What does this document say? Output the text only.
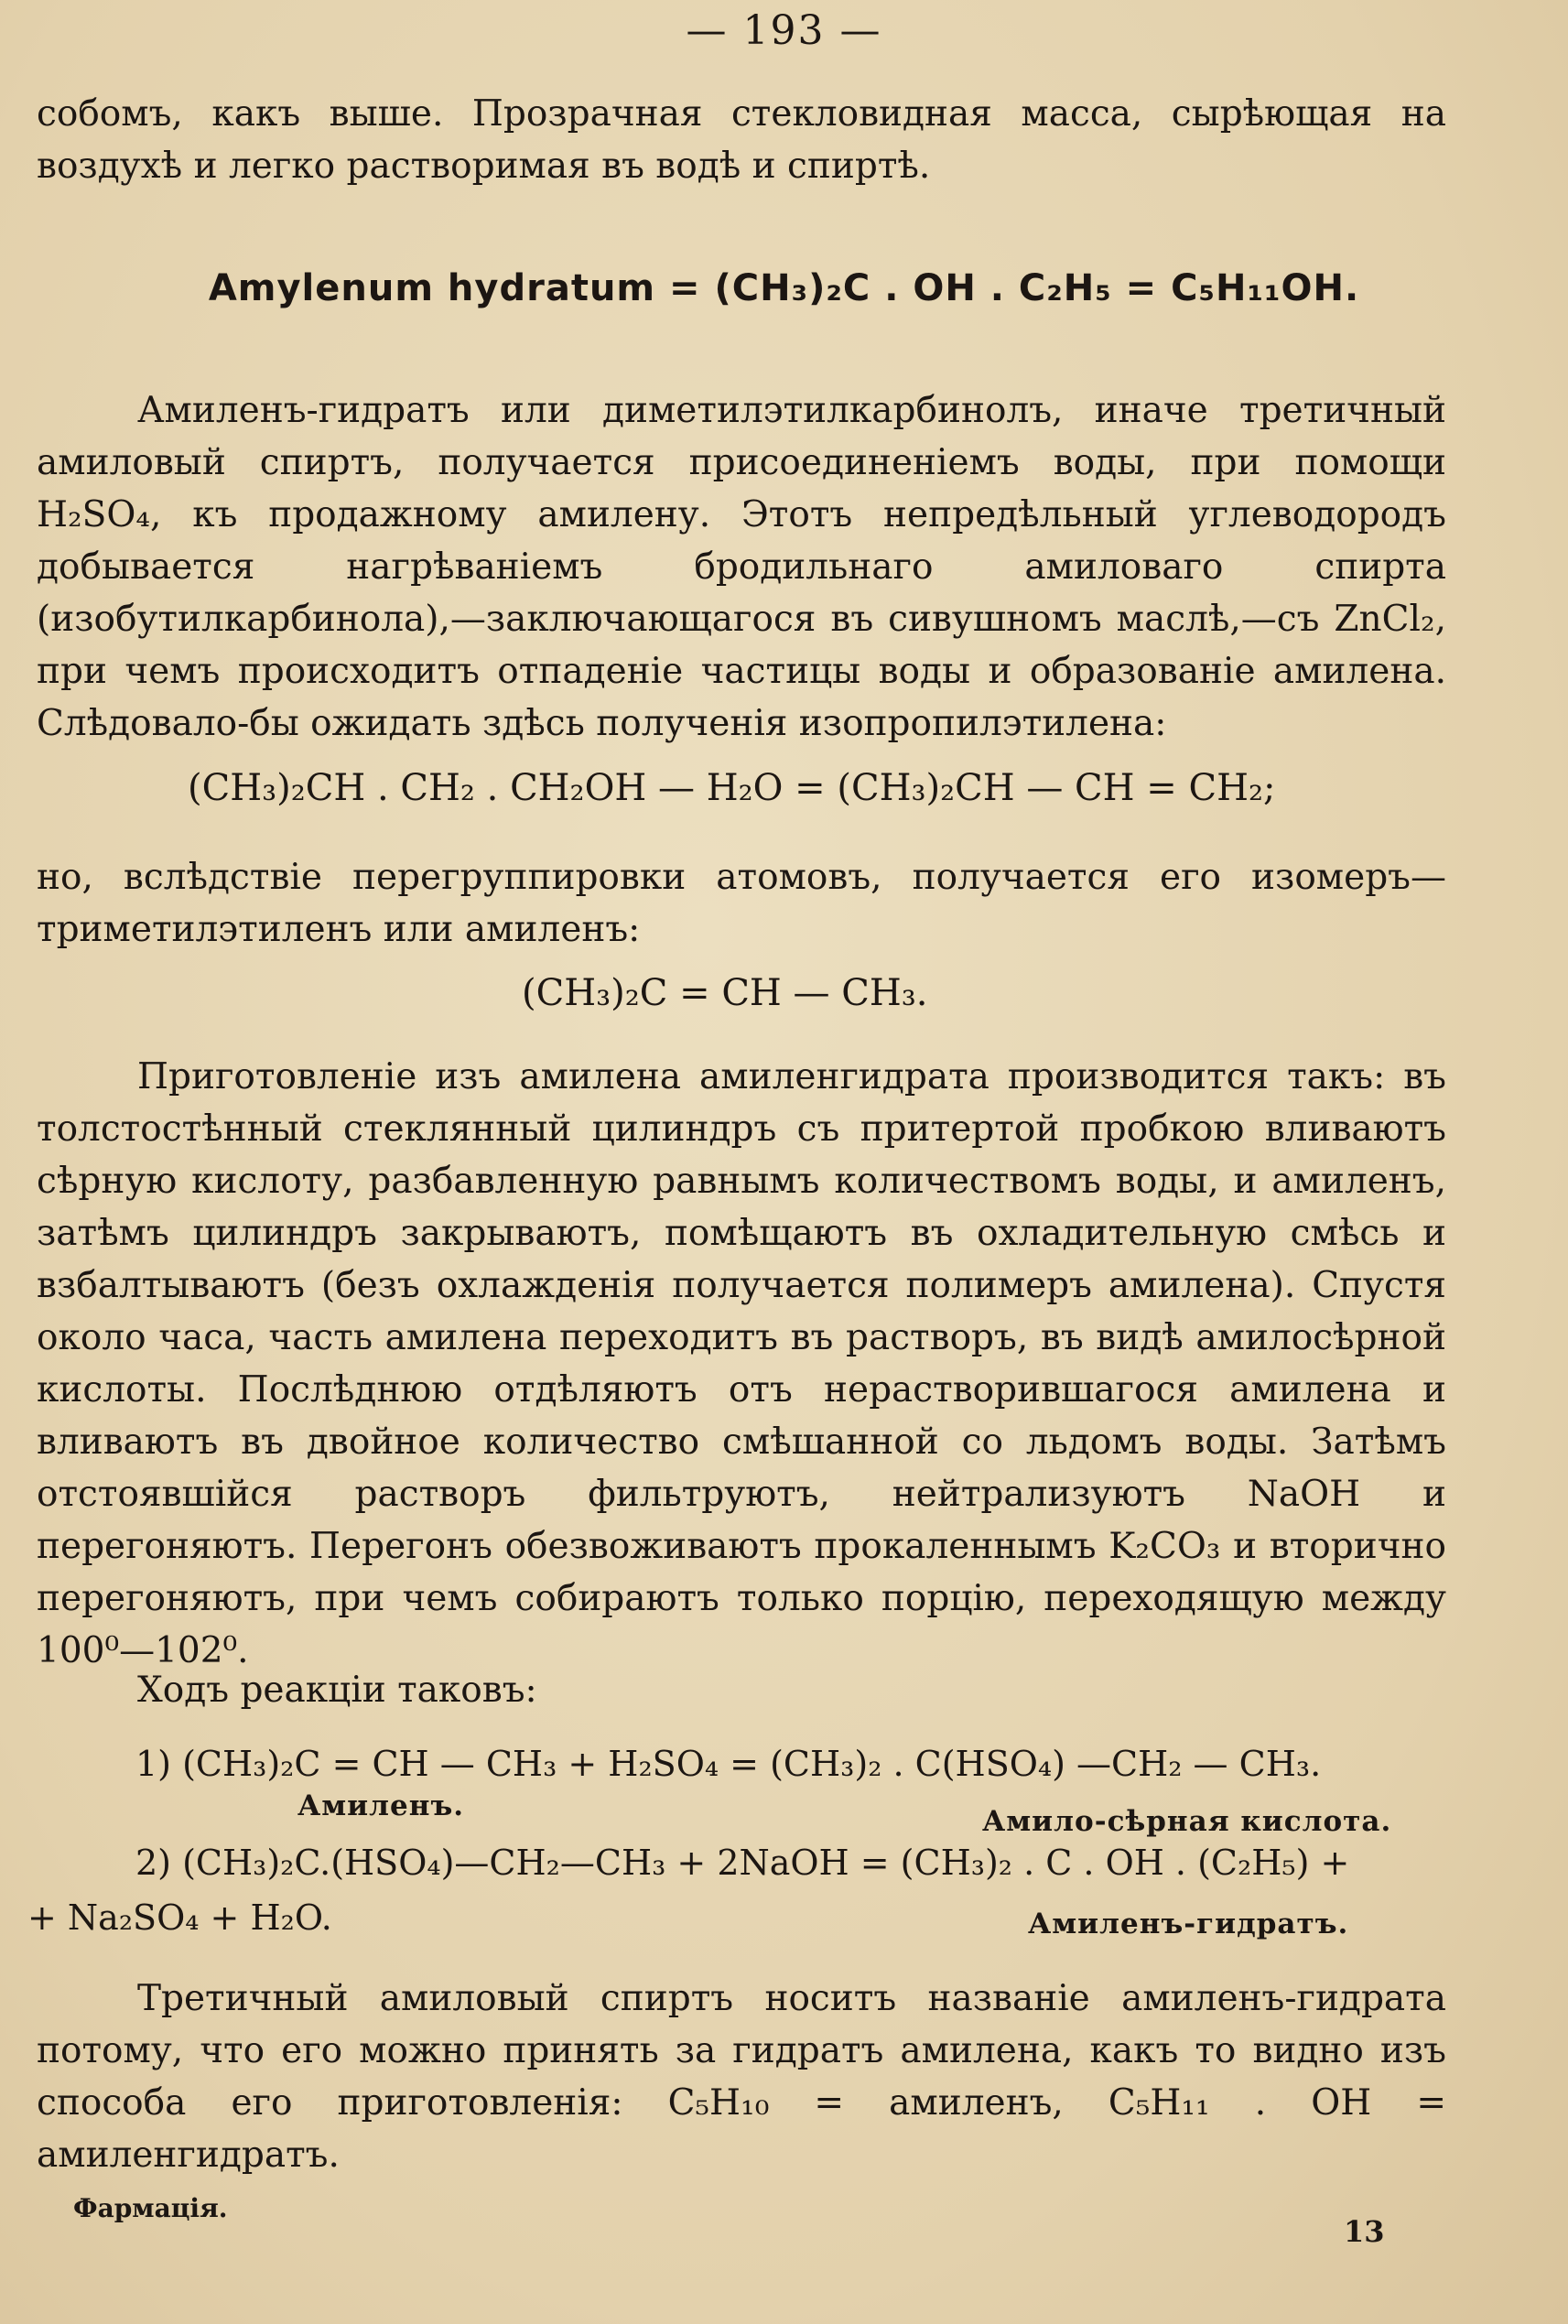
— 193 —
собомъ, какъ выше. Прозрачная стекловидная масса, сырѣющая на воздухѣ и легко растворимая въ водѣ и спиртѣ.
Amylenum hydratum = (CH₃)₂C . OH . C₂H₅ = C₅H₁₁OH.
Амиленъ-гидратъ или диметилэтилкарбинолъ, иначе третичный амиловый спиртъ, получается присоединенiемъ воды, при помощи H₂SO₄, къ продажному амилену. Этотъ непредѣльный углеводородъ добывается нагрѣванiемъ бродильнаго амиловаго спирта (изобутилкарбинола),—заключающагося въ сивушномъ маслѣ,—съ ZnCl₂, при чемъ происходитъ отпаденiе частицы воды и образованiе амилена. Слѣдовало-бы ожидать здѣсь полученiя изопропилэтилена:
(CH₃)₂CH . CH₂ . CH₂OH — H₂O = (CH₃)₂CH — CH = CH₂;
но, вслѣдствiе перегруппировки атомовъ, получается его изомеръ— триметилэтиленъ или амиленъ:
(CH₃)₂C = CH — CH₃.
Приготовленiе изъ амилена амиленгидрата производится такъ: въ толстостѣнный стеклянный цилиндръ съ притертой пробкою вливаютъ сѣрную кислоту, разбавленную равнымъ количествомъ воды, и амиленъ, затѣмъ цилиндръ закрываютъ, помѣщаютъ въ охладительную смѣсь и взбалтываютъ (безъ охлажденiя получается полимеръ амилена). Спустя около часа, часть амилена переходитъ въ растворъ, въ видѣ амилосѣрной кислоты. Послѣднюю отдѣляютъ отъ нерастворившагося амилена и вливаютъ въ двойное количество смѣшанной со льдомъ воды. Затѣмъ отстоявшiйся растворъ фильтруютъ, нейтрализуютъ NaOH и перегоняютъ. Перегонъ обезвоживаютъ прокаленнымъ K₂CO₃ и вторично перегоняютъ, при чемъ собираютъ только порцiю, переходящую между 100⁰—102⁰.
Ходъ реакцiи таковъ:
1) (CH₃)₂C = CH — CH₃ + H₂SO₄ = (CH₃)₂ . C(HSO₄) —CH₂ — CH₃.
Амиленъ.	Амило-сѣрная кислота.
2) (CH₃)₂C.(HSO₄)—CH₂—CH₃ + 2NaOH = (CH₃)₂ . C . OH . (C₂H₅) +
+ Na₂SO₄ + H₂O.	Амиленъ-гидратъ.
Третичный амиловый спиртъ носитъ названiе амиленъ-гидрата потому, что его можно принять за гидратъ амилена, какъ то видно изъ способа его приготовленiя: C₅H₁₀ = амиленъ, C₅H₁₁ . OH = амиленгидратъ.
Фармацiя.
13
